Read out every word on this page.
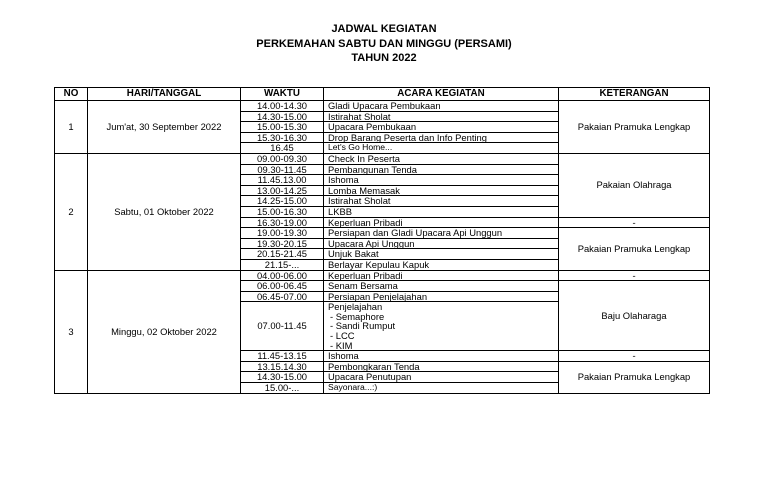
JADWAL KEGIATAN
PERKEMAHAN SABTU DAN MINGGU (PERSAMI)
TAHUN 2022
NO	HARI/TANGGAL	WAKTU	ACARA KEGIATAN	KETERANGAN
1	Jum'at, 30 September 2022	14.00-14.30	Gladi Upacara Pembukaan	Pakaian Pramuka Lengkap
		14.30-15.00	Istirahat Sholat	
		15.00-15.30	Upacara Pembukaan	
		15.30-16.30	Drop Barang Peserta dan Info Penting	
		16.45	Let's Go Home...	
2	Sabtu, 01 Oktober 2022	09.00-09.30	Check In Peserta	Pakaian Olahraga
		09.30-11.45	Pembangunan Tenda	
		11.45.13.00	Ishoma	
		13.00-14.25	Lomba Memasak	
		14.25-15.00	Istirahat Sholat	
		15.00-16.30	LKBB	
		16.30-19.00	Keperluan Pribadi	-
		19.00-19.30	Persiapan dan Gladi Upacara Api Unggun	Pakaian Pramuka Lengkap
		19.30-20.15	Upacara Api Unggun	
		20.15-21.45	Unjuk Bakat	
		21.15-...	Berlayar Kepulau Kapuk	
3	Minggu, 02 Oktober 2022	04.00-06.00	Keperluan Pribadi	-
		06.00-06.45	Senam Bersama	Baju Olaharaga
		06.45-07.00	Persiapan Penjelajahan	
		07.00-11.45	Penjelajahan
- Semaphore
- Sandi Rumput
- LCC
- KIM	

		11.45-13.15	Ishoma	-
		13.15.14.30	Pembongkaran Tenda	Pakaian Pramuka Lengkap
		14.30-15.00	Upacara Penutupan	
		15.00-...	Sayonara...:)	
